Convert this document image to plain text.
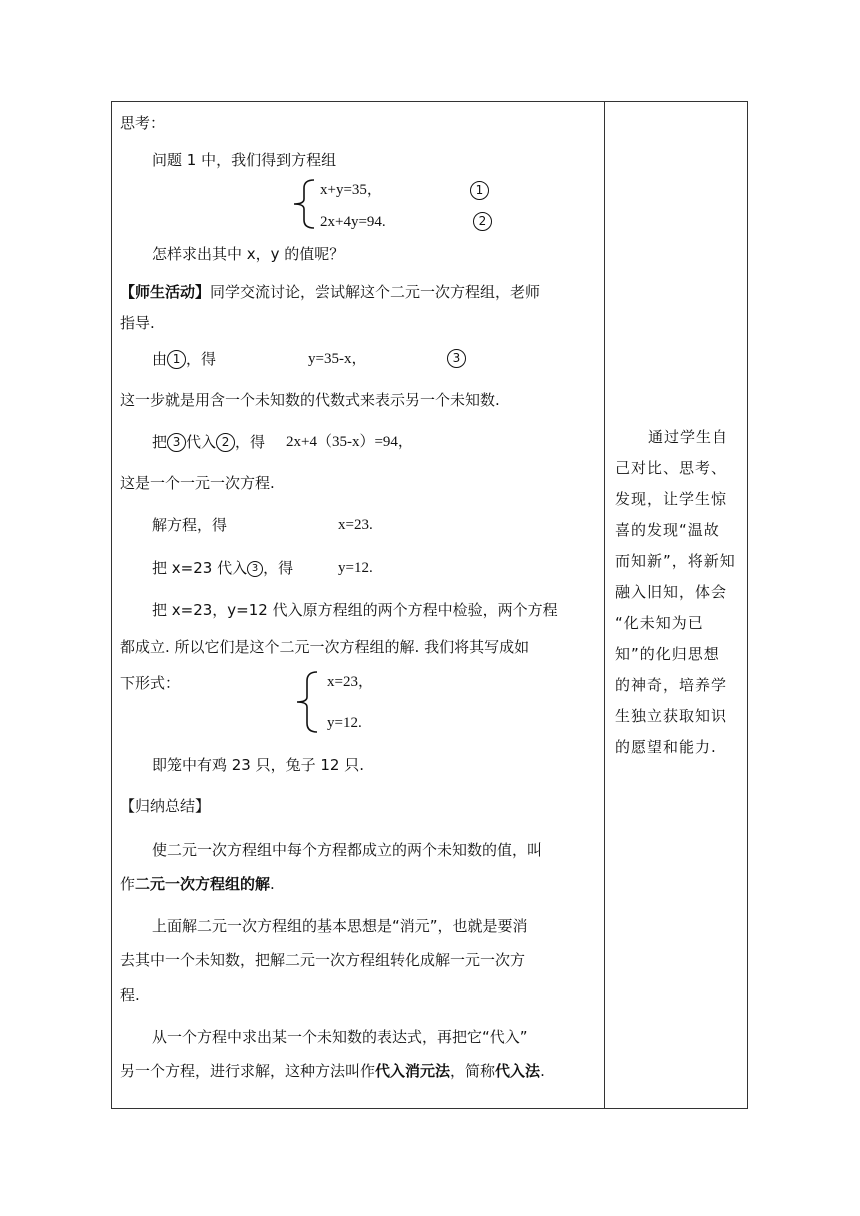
思考：
问题 1 中，我们得到方程组
x+y=35，	1
2x+4y=94.	2
怎样求出其中 x，y 的值呢？
【师生活动】同学交流讨论，尝试解这个二元一次方程组，老师
指导.
由 1 ，得	y=35-x，	3
这一步就是用含一个未知数的代数式来表示另一个未知数.
把 3 代入 2 ，得 2x+4（35-x）=94，
这是一个一元一次方程.
解方程，得	x=23.
把 x=23 代入 3 ，得	y=12.
把 x=23，y=12 代入原方程组的两个方程中检验，两个方程
都成立. 所以它们是这个二元一次方程组的解. 我们将其写成如
下形式：	x=23，
y=12.
即笼中有鸡 23 只，兔子 12 只.
【归纳总结】
使二元一次方程组中每个方程都成立的两个未知数的值，叫
作二元一次方程组的解.
上面解二元一次方程组的基本思想是“消元”，也就是要消
去其中一个未知数，把解二元一次方程组转化成解一元一次方
程.
从一个方程中求出某一个未知数的表达式，再把它“代入”
另一个方程，进行求解，这种方法叫作代入消元法，简称代入法.
通过学生自
己对比、思考、
发现，让学生惊
喜的发现“温故
而知新”，将新知
融入旧知，体会
“化未知为已
知”的化归思想
的神奇，培养学
生独立获取知识
的愿望和能力.
